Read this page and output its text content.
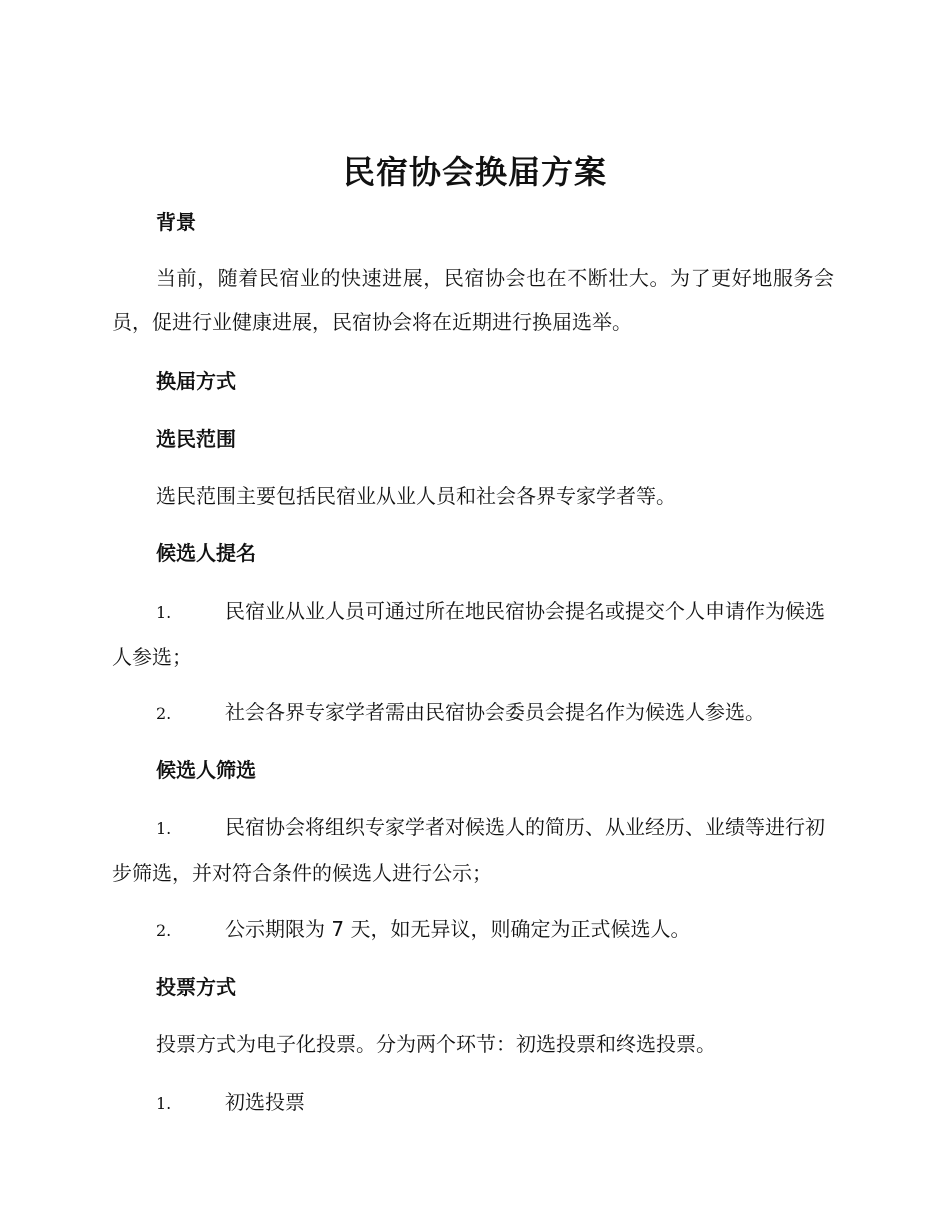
民宿协会换届方案

背景

当前，随着民宿业的快速进展，民宿协会也在不断壮大。为了更好地服务会员，促进行业健康进展，民宿协会将在近期进行换届选举。

换届方式

选民范围

选民范围主要包括民宿业从业人员和社会各界专家学者等。

候选人提名

1.	民宿业从业人员可通过所在地民宿协会提名或提交个人申请作为候选人参选；

2.	社会各界专家学者需由民宿协会委员会提名作为候选人参选。

候选人筛选

1.	民宿协会将组织专家学者对候选人的简历、从业经历、业绩等进行初步筛选，并对符合条件的候选人进行公示；

2.	公示期限为 7 天，如无异议，则确定为正式候选人。

投票方式

投票方式为电子化投票。分为两个环节：初选投票和终选投票。

1.	初选投票
